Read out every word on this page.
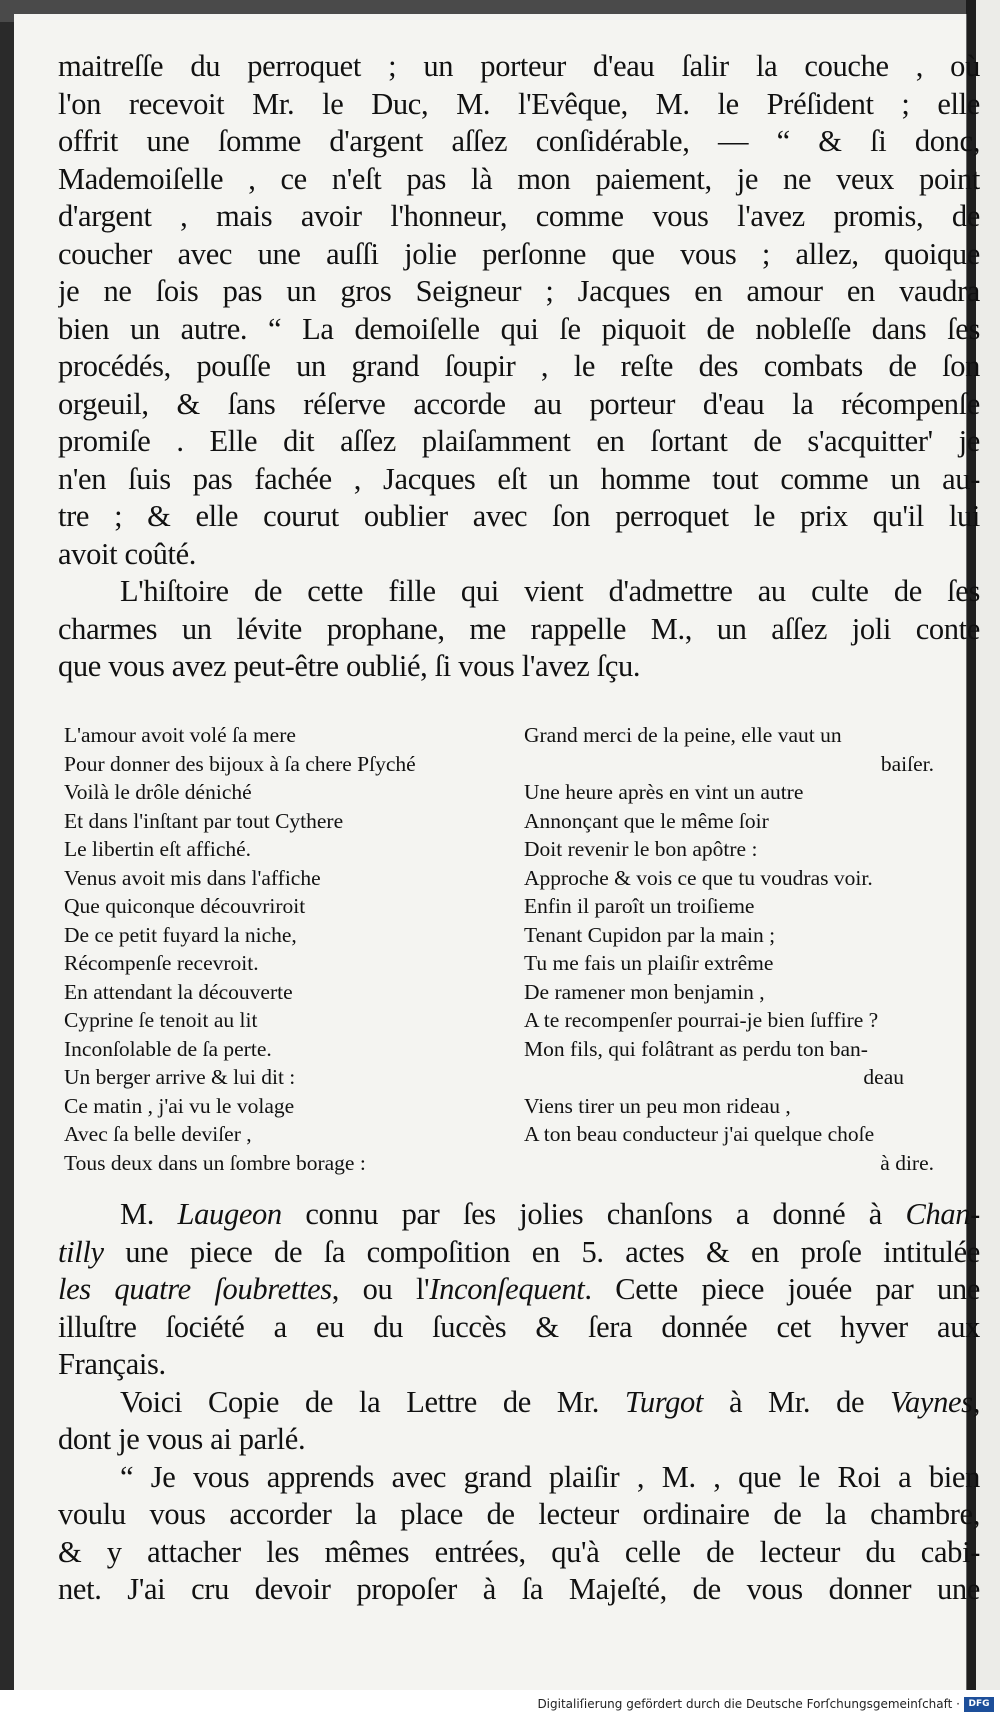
maitreſſe du perroquet ; un porteur d'eau ſalir la couche , où
l'on recevoit Mr. le Duc, M. l'Evêque, M. le Préſident ; elle
offrit une ſomme d'argent aſſez conſidérable, — “ & ſi donc,
Mademoiſelle , ce n'eſt pas là mon paiement, je ne veux point
d'argent , mais avoir l'honneur, comme vous l'avez promis, de
coucher avec une auſſi jolie perſonne que vous ; allez, quoique
je ne ſois pas un gros Seigneur ; Jacques en amour en vaudra
bien un autre. “ La demoiſelle qui ſe piquoit de nobleſſe dans ſes
procédés, pouſſe un grand ſoupir , le reſte des combats de ſon
orgeuil, & ſans réſerve accorde au porteur d'eau la récompenſe
promiſe . Elle dit aſſez plaiſamment en ſortant de s'acquitter' je
n'en ſuis pas fachée , Jacques eſt un homme tout comme un au-
tre ; & elle courut oublier avec ſon perroquet le prix qu'il lui
avoit coûté.
L'hiſtoire de cette fille qui vient d'admettre au culte de ſes
charmes un lévite prophane, me rappelle M., un aſſez joli conte
que vous avez peut-être oublié, ſi vous l'avez ſçu.
L'amour avoit volé ſa mere
Pour donner des bijoux à ſa chere Pſyché
Voilà le drôle déniché
Et dans l'inſtant par tout Cythere
Le libertin eſt affiché.
Venus avoit mis dans l'affiche
Que quiconque découvriroit
De ce petit fuyard la niche,
Récompenſe recevroit.
En attendant la découverte
Cyprine ſe tenoit au lit
Inconſolable de ſa perte.
Un berger arrive & lui dit :
Ce matin , j'ai vu le volage
Avec ſa belle deviſer ,
Tous deux dans un ſombre borage :
Grand merci de la peine, elle vaut un
baiſer.
Une heure après en vint un autre
Annonçant que le même ſoir
Doit revenir le bon apôtre :
Approche & vois ce que tu voudras voir.
Enfin il paroît un troiſieme
Tenant Cupidon par la main ;
Tu me fais un plaiſir extrême
De ramener mon benjamin ,
A te recompenſer pourrai-je bien ſuffire ?
Mon fils, qui folâtrant as perdu ton ban-
deau
Viens tirer un peu mon rideau ,
A ton beau conducteur j'ai quelque choſe
à dire.
M. Laugeon connu par ſes jolies chanſons a donné à Chan-
tilly une piece de ſa compoſition en 5. actes & en proſe intitulée
les quatre ſoubrettes, ou l'Inconſequent. Cette piece jouée par une
illuſtre ſociété a eu du ſuccès & ſera donnée cet hyver aux
Français.
Voici Copie de la Lettre de Mr. Turgot à Mr. de Vaynes,
dont je vous ai parlé.
“ Je vous apprends avec grand plaiſir , M. , que le Roi a bien
voulu vous accorder la place de lecteur ordinaire de la chambre,
& y attacher les mêmes entrées, qu'à celle de lecteur du cabi-
net. J'ai cru devoir propoſer à ſa Majeſté, de vous donner une
Digitaliſierung gefördert durch die Deutsche Forſchungsgemeinſchaft · DFG
